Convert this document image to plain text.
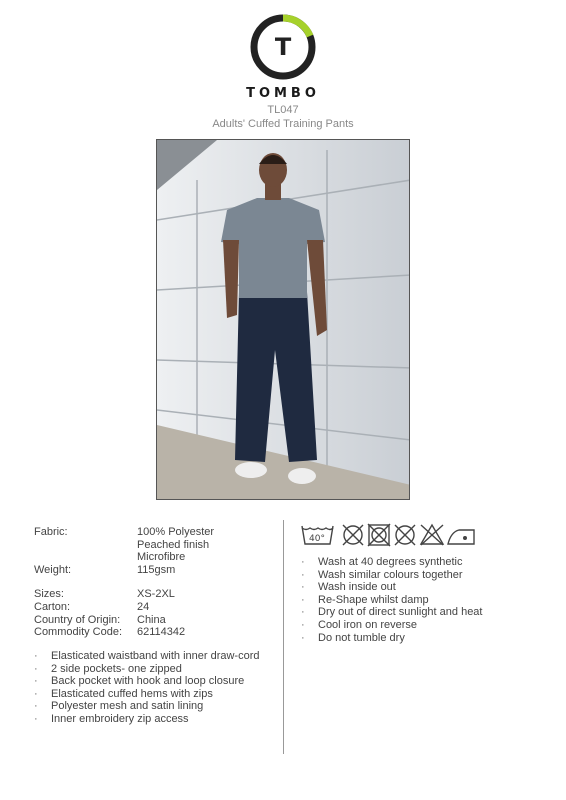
T
TOMBO
TL047
Adults' Cuffed Training Pants
Fabric:	100% Polyester
Peached finish
Microfibre
Weight:	115gsm
Sizes:	XS-2XL
Carton:	24
Country of Origin:	China
Commodity Code:	62114342
· Elasticated waistband with inner draw-cord
· 2 side pockets- one zipped
· Back pocket with hook and loop closure
· Elasticated cuffed hems with zips
· Polyester mesh and satin lining
· Inner embroidery zip access
40°
· Wash at 40 degrees synthetic
· Wash similar colours together
· Wash inside out
· Re-Shape whilst damp
· Dry out of direct sunlight and heat
· Cool iron on reverse
· Do not tumble dry
